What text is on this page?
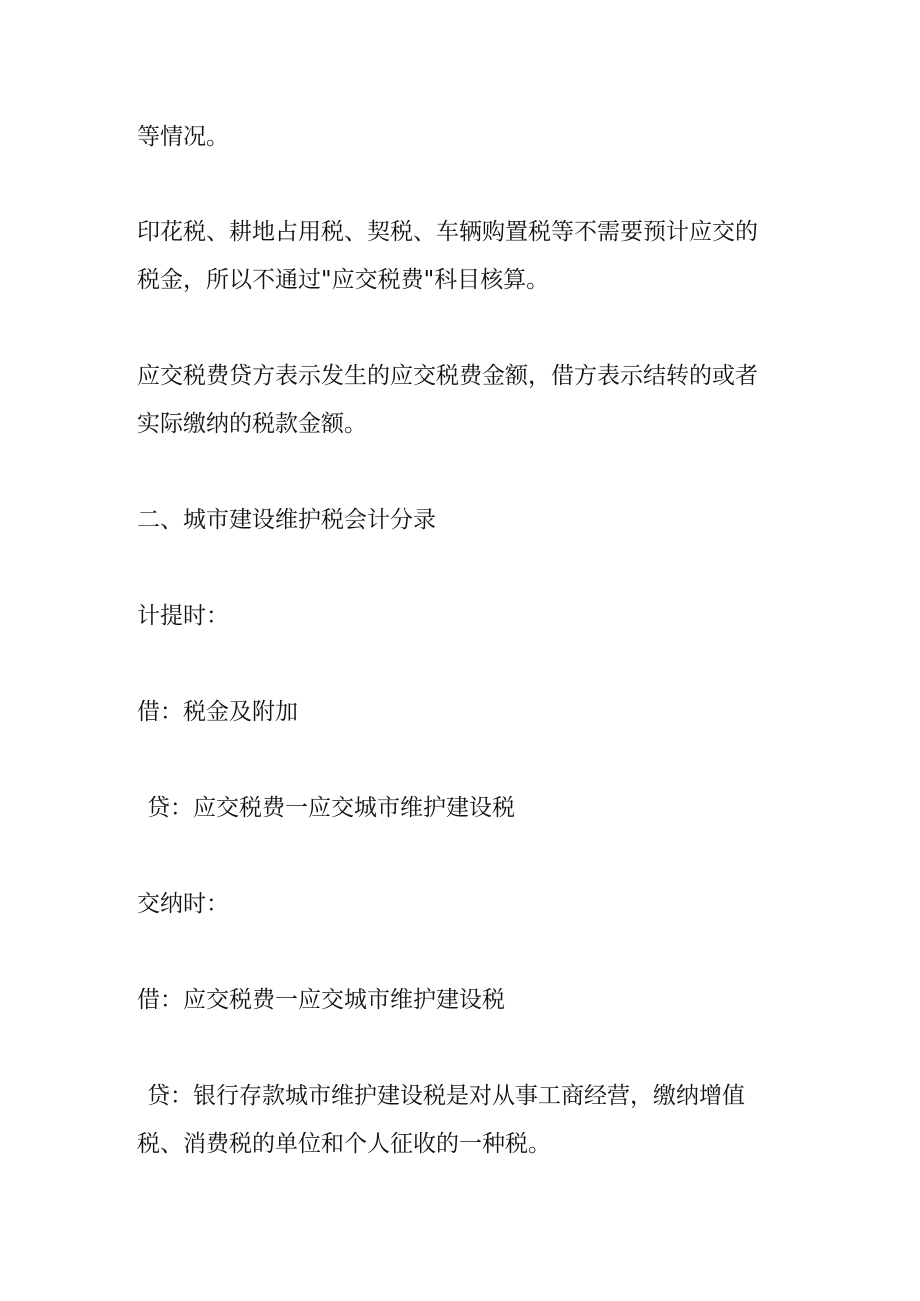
等情况。

印花税、耕地占用税、契税、车辆购置税等不需要预计应交的
税金，所以不通过"应交税费"科目核算。

应交税费贷方表示发生的应交税费金额，借方表示结转的或者
实际缴纳的税款金额。

二、城市建设维护税会计分录

计提时：

借：税金及附加

贷：应交税费一应交城市维护建设税

交纳时：

借：应交税费一应交城市维护建设税

贷：银行存款城市维护建设税是对从事工商经营，缴纳增值
税、消费税的单位和个人征收的一种税。
